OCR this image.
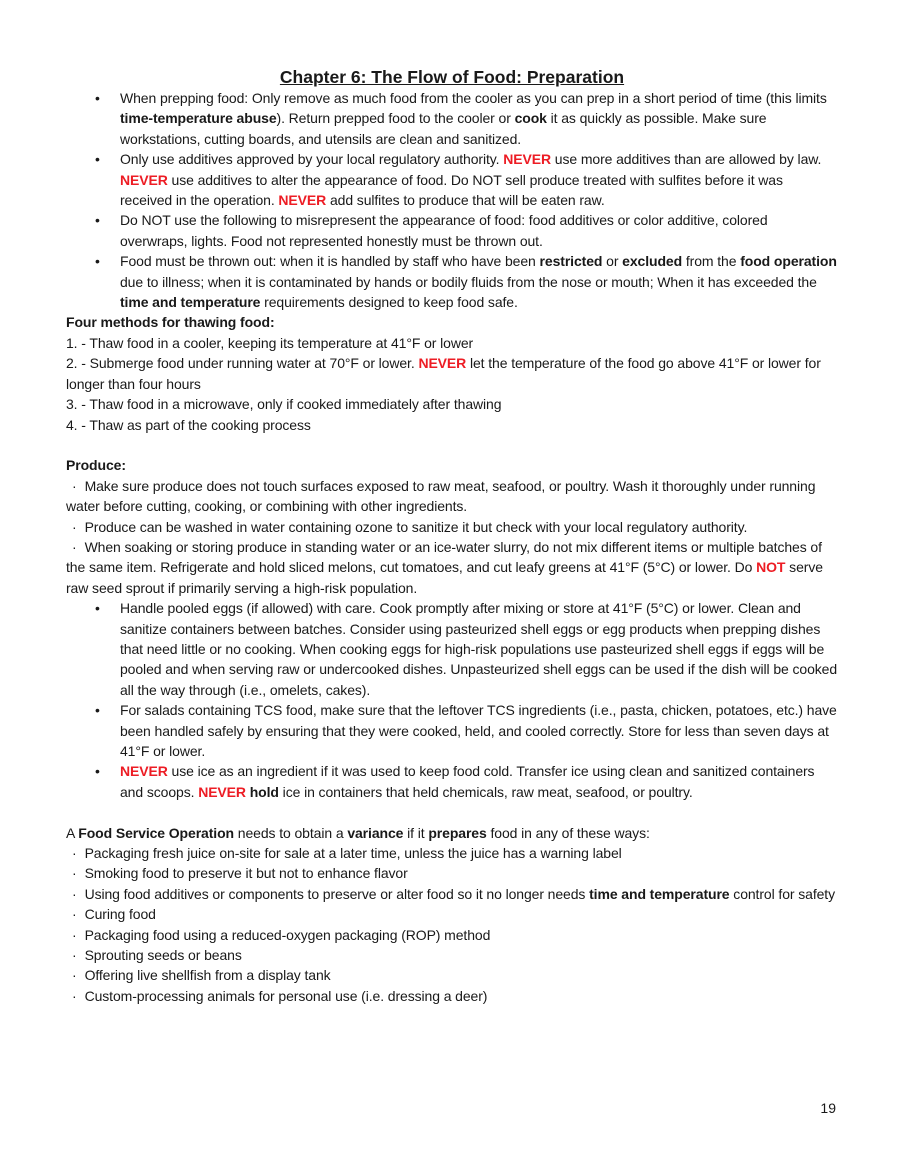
Chapter 6: The Flow of Food: Preparation
• When prepping food: Only remove as much food from the cooler as you can prep in a short period of time (this limits time-temperature abuse). Return prepped food to the cooler or cook it as quickly as possible. Make sure workstations, cutting boards, and utensils are clean and sanitized.
• Only use additives approved by your local regulatory authority. NEVER use more additives than are allowed by law. NEVER use additives to alter the appearance of food. Do NOT sell produce treated with sulfites before it was received in the operation. NEVER add sulfites to produce that will be eaten raw.
• Do NOT use the following to misrepresent the appearance of food: food additives or color additive, colored overwraps, lights. Food not represented honestly must be thrown out.
• Food must be thrown out: when it is handled by staff who have been restricted or excluded from the food operation due to illness; when it is contaminated by hands or bodily fluids from the nose or mouth; When it has exceeded the time and temperature requirements designed to keep food safe.

Four methods for thawing food:

1. - Thaw food in a cooler, keeping its temperature at 41°F or lower

2. - Submerge food under running water at 70°F or lower. NEVER let the temperature of the food go above 41°F or lower for longer than four hours

3. - Thaw food in a microwave, only if cooked immediately after thawing

4. - Thaw as part of the cooking process

Produce:

· Make sure produce does not touch surfaces exposed to raw meat, seafood, or poultry. Wash it thoroughly under running water before cutting, cooking, or combining with other ingredients.

· Produce can be washed in water containing ozone to sanitize it but check with your local regulatory authority.

· When soaking or storing produce in standing water or an ice-water slurry, do not mix different items or multiple batches of the same item. Refrigerate and hold sliced melons, cut tomatoes, and cut leafy greens at 41°F (5°C) or lower. Do NOT serve raw seed sprout if primarily serving a high-risk population.

• Handle pooled eggs (if allowed) with care. Cook promptly after mixing or store at 41°F (5°C) or lower. Clean and sanitize containers between batches. Consider using pasteurized shell eggs or egg products when prepping dishes that need little or no cooking. When cooking eggs for high-risk populations use pasteurized shell eggs if eggs will be pooled and when serving raw or undercooked dishes. Unpasteurized shell eggs can be used if the dish will be cooked all the way through (i.e., omelets, cakes).
• For salads containing TCS food, make sure that the leftover TCS ingredients (i.e., pasta, chicken, potatoes, etc.) have been handled safely by ensuring that they were cooked, held, and cooled correctly. Store for less than seven days at 41°F or lower.
• NEVER use ice as an ingredient if it was used to keep food cold. Transfer ice using clean and sanitized containers and scoops. NEVER hold ice in containers that held chemicals, raw meat, seafood, or poultry.

A Food Service Operation needs to obtain a variance if it prepares food in any of these ways:

· Packaging fresh juice on-site for sale at a later time, unless the juice has a warning label

· Smoking food to preserve it but not to enhance flavor

· Using food additives or components to preserve or alter food so it no longer needs time and temperature control for safety

· Curing food

· Packaging food using a reduced-oxygen packaging (ROP) method

· Sprouting seeds or beans

· Offering live shellfish from a display tank

· Custom-processing animals for personal use (i.e. dressing a deer)

19
